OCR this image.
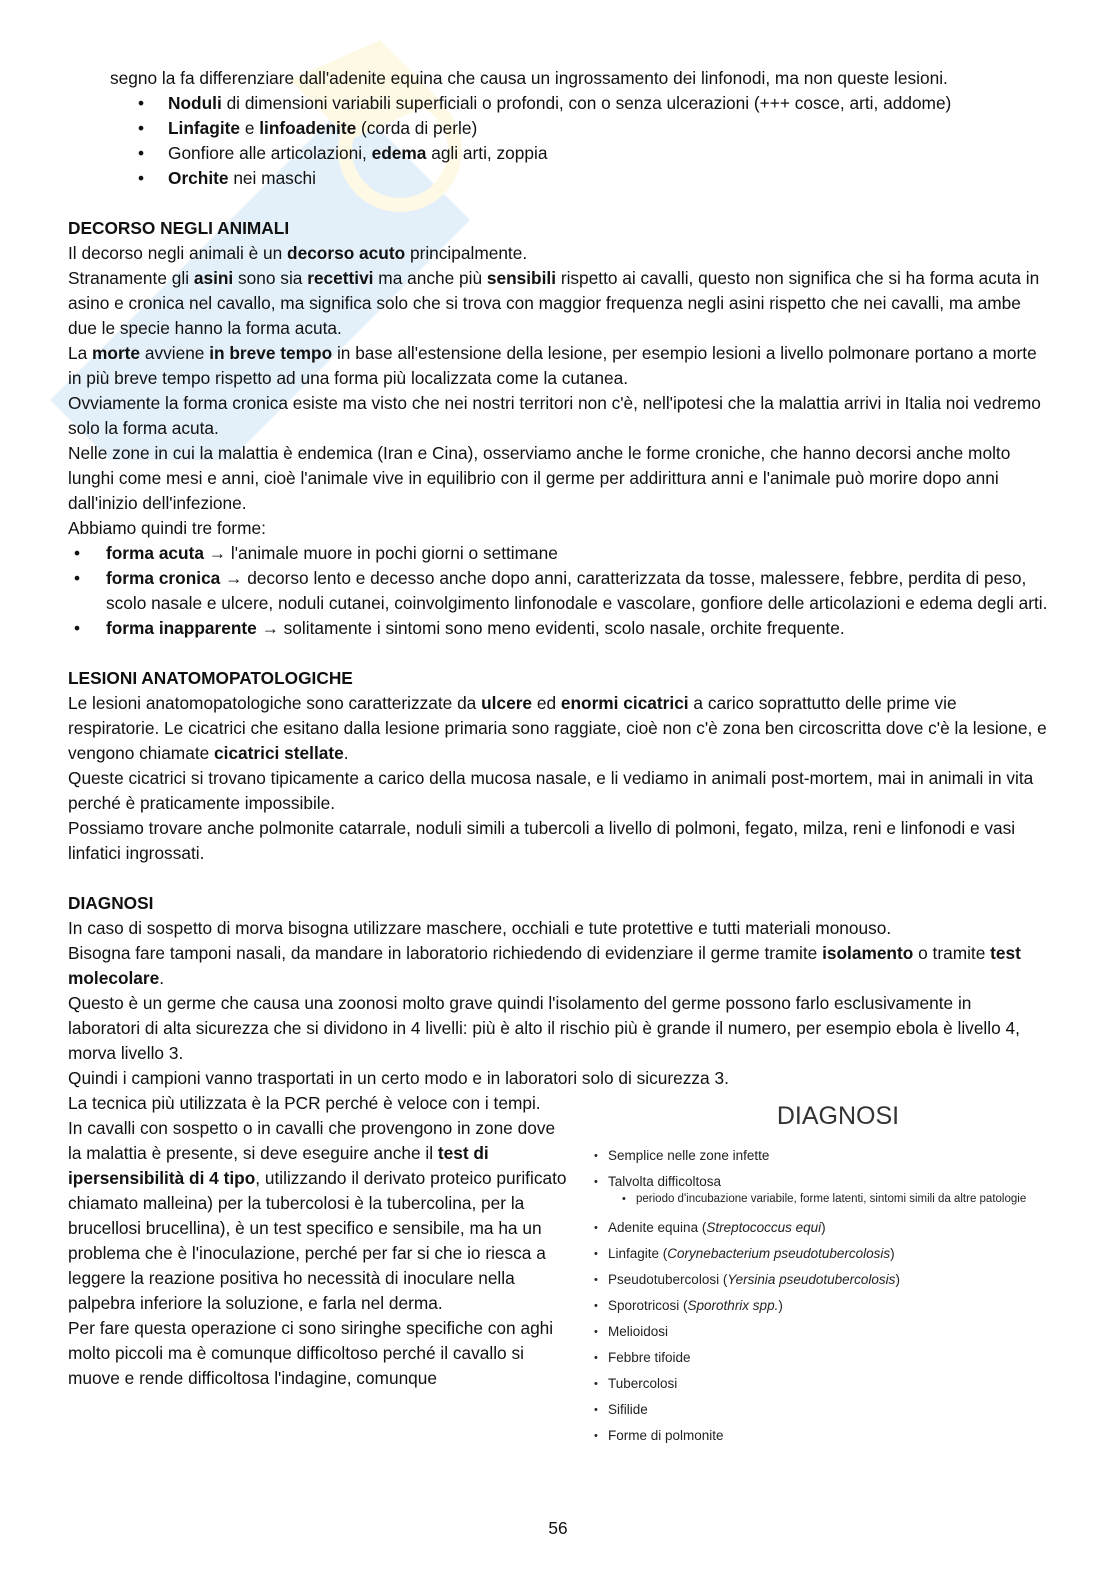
segno la fa differenziare dall'adenite equina che causa un ingrossamento dei linfonodi, ma non queste lesioni.

• Noduli di dimensioni variabili superficiali o profondi, con o senza ulcerazioni (+++ cosce, arti, addome)
• Linfagite e linfoadenite (corda di perle)
• Gonfiore alle articolazioni, edema agli arti, zoppia
• Orchite nei maschi
DECORSO NEGLI ANIMALI

Il decorso negli animali è un decorso acuto principalmente.

Stranamente gli asini sono sia recettivi ma anche più sensibili rispetto ai cavalli, questo non significa che si ha forma acuta in asino e cronica nel cavallo, ma significa solo che si trova con maggior frequenza negli asini rispetto che nei cavalli, ma ambe due le specie hanno la forma acuta.

La morte avviene in breve tempo in base all'estensione della lesione, per esempio lesioni a livello polmonare portano a morte in più breve tempo rispetto ad una forma più localizzata come la cutanea.

Ovviamente la forma cronica esiste ma visto che nei nostri territori non c'è, nell'ipotesi che la malattia arrivi in Italia noi vedremo solo la forma acuta.

Nelle zone in cui la malattia è endemica (Iran e Cina), osserviamo anche le forme croniche, che hanno decorsi anche molto lunghi come mesi e anni, cioè l'animale vive in equilibrio con il germe per addirittura anni e l'animale può morire dopo anni dall'inizio dell'infezione.

Abbiamo quindi tre forme:

• forma acuta → l'animale muore in pochi giorni o settimane
• forma cronica → decorso lento e decesso anche dopo anni, caratterizzata da tosse, malessere, febbre, perdita di peso, scolo nasale e ulcere, noduli cutanei, coinvolgimento linfonodale e vascolare, gonfiore delle articolazioni e edema degli arti.
• forma inapparente → solitamente i sintomi sono meno evidenti, scolo nasale, orchite frequente.
LESIONI ANATOMOPATOLOGICHE

Le lesioni anatomopatologiche sono caratterizzate da ulcere ed enormi cicatrici a carico soprattutto delle prime vie respiratorie. Le cicatrici che esitano dalla lesione primaria sono raggiate, cioè non c'è zona ben circoscritta dove c'è la lesione, e vengono chiamate cicatrici stellate.

Queste cicatrici si trovano tipicamente a carico della mucosa nasale, e li vediamo in animali post-mortem, mai in animali in vita perché è praticamente impossibile.

Possiamo trovare anche polmonite catarrale, noduli simili a tubercoli a livello di polmoni, fegato, milza, reni e linfonodi e vasi linfatici ingrossati.

DIAGNOSI

In caso di sospetto di morva bisogna utilizzare maschere, occhiali e tute protettive e tutti materiali monouso.

Bisogna fare tamponi nasali, da mandare in laboratorio richiedendo di evidenziare il germe tramite isolamento o tramite test molecolare.

Questo è un germe che causa una zoonosi molto grave quindi l'isolamento del germe possono farlo esclusivamente in laboratori di alta sicurezza che si dividono in 4 livelli: più è alto il rischio più è grande il numero, per esempio ebola è livello 4, morva livello 3.

Quindi i campioni vanno trasportati in un certo modo e in laboratori solo di sicurezza 3.

La tecnica più utilizzata è la PCR perché è veloce con i tempi.

In cavalli con sospetto o in cavalli che provengono in zone dove la malattia è presente, si deve eseguire anche il test di ipersensibilità di 4 tipo, utilizzando il derivato proteico purificato chiamato malleina) per la tubercolosi è la tubercolina, per la brucellosi brucellina), è un test specifico e sensibile, ma ha un problema che è l'inoculazione, perché per far si che io riesca a leggere la reazione positiva ho necessità di inoculare nella palpebra inferiore la soluzione, e farla nel derma.

Per fare questa operazione ci sono siringhe specifiche con aghi molto piccoli ma è comunque difficoltoso perché il cavallo si muove e rende difficoltosa l'indagine, comunque

DIAGNOSI
• Semplice nelle zone infette
• Talvolta difficoltosa
• periodo d'incubazione variabile, forme latenti, sintomi simili da altre patologie
• Adenite equina (Streptococcus equi)
• Linfagite (Corynebacterium pseudotubercolosis)
• Pseudotubercolosi (Yersinia pseudotubercolosis)
• Sporotricosi (Sporothrix spp.)
• Melioidosi
• Febbre tifoide
• Tubercolosi
• Sifilide
• Forme di polmonite
56
